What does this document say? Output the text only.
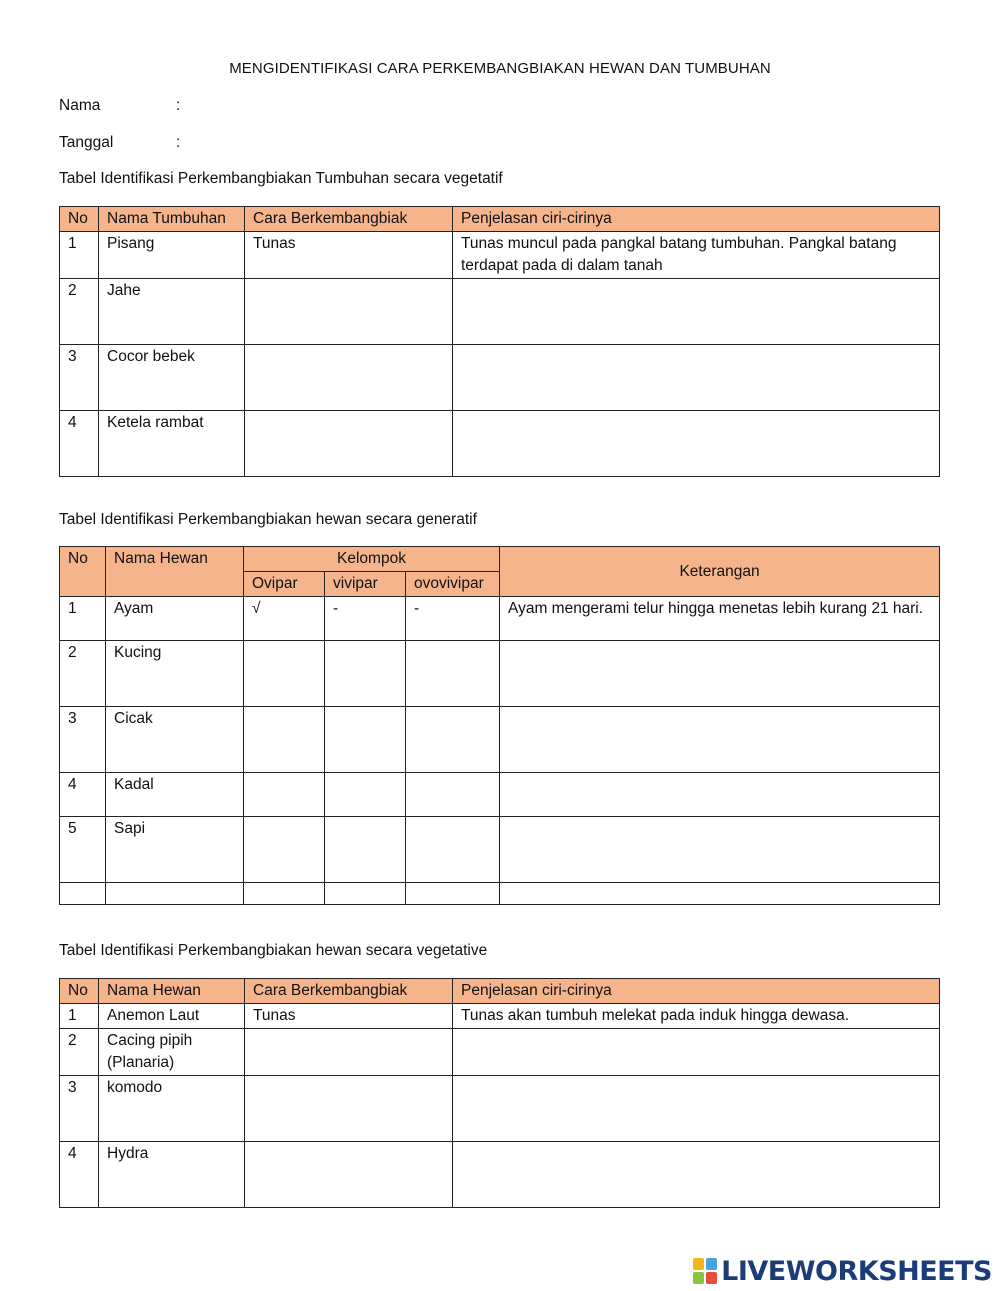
MENGIDENTIFIKASI CARA PERKEMBANGBIAKAN HEWAN DAN TUMBUHAN
Nama	:
Tanggal	:
Tabel Identifikasi Perkembangbiakan Tumbuhan secara vegetatif
No	Nama Tumbuhan	Cara Berkembangbiak	Penjelasan ciri-cirinya
1	Pisang	Tunas	Tunas muncul pada pangkal batang tumbuhan. Pangkal batang terdapat pada di dalam tanah
2	Jahe		
3	Cocor bebek		
4	Ketela rambat		
Tabel Identifikasi Perkembangbiakan hewan secara generatif
No	Nama Hewan	Kelompok			Keterangan
		Ovipar	vivipar	ovovivipar	
1	Ayam	√	-	-	Ayam mengerami telur hingga menetas lebih kurang 21 hari.
2	Kucing				
3	Cicak				
4	Kadal				
5	Sapi				

Tabel Identifikasi Perkembangbiakan hewan secara vegetative
No	Nama Hewan	Cara Berkembangbiak	Penjelasan ciri-cirinya
1	Anemon Laut	Tunas	Tunas akan tumbuh melekat pada induk hingga dewasa.
2	Cacing pipih (Planaria)		
3	komodo		
4	Hydra		
LIVEWORKSHEETS
